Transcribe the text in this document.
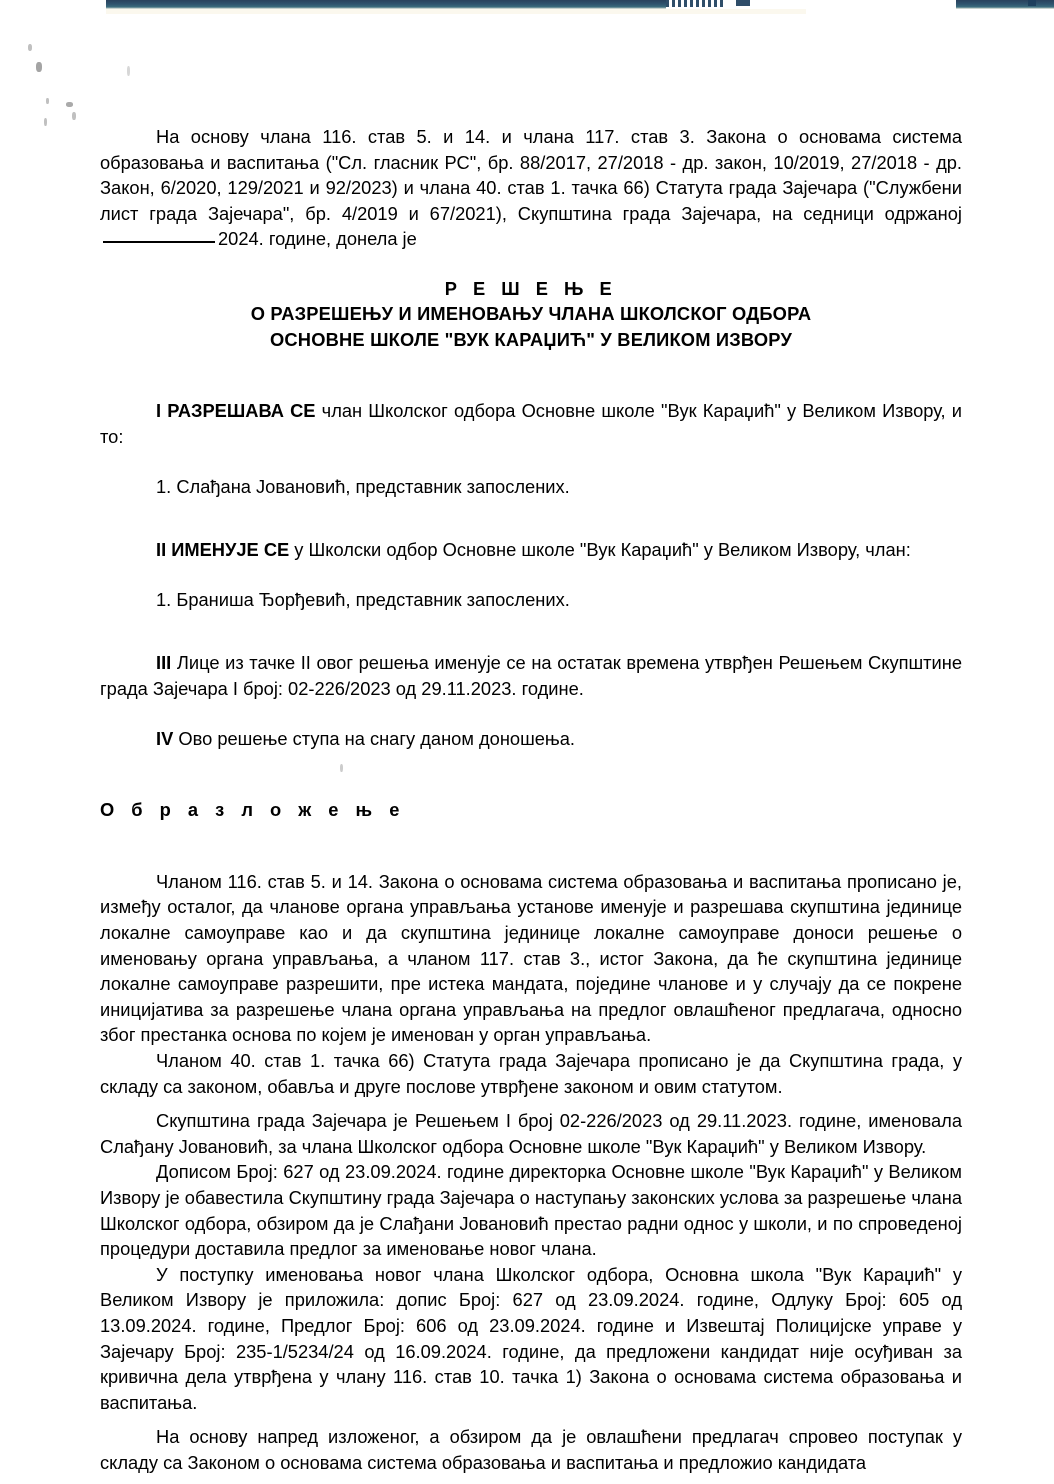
На основу члана 116. став 5. и 14. и члана 117. став 3. Закона о основама система образовања и васпитања ("Сл. гласник РС", бр. 88/2017, 27/2018 - др. закон, 10/2019, 27/2018 - др. Закон, 6/2020, 129/2021 и 92/2023) и члана 40. став 1. тачка 66) Статута града Зајечара ("Службени лист града Зајечара", бр. 4/2019 и 67/2021), Скупштина града Зајечара, на седници одржаној2024. године, донела је

Р Е Ш Е Њ Е
О РАЗРЕШЕЊУ И ИМЕНОВАЊУ ЧЛАНА ШКОЛСКОГ ОДБОРА
ОСНОВНЕ ШКОЛЕ "ВУК КАРАЏИЋ" У ВЕЛИКОМ ИЗВОРУ

I РАЗРЕШАВА СЕ члан Школског одбора Основне школе "Вук Караџић" у Великом Извору, и то:

1. Слађана Јовановић, представник запослених.

II ИМЕНУЈЕ СЕ у Школски одбор Основне школе "Вук Караџић" у Великом Извору, члан:

1. Браниша Ђорђевић, представник запослених.

III Лице из тачке II овог решења именује се на остатак времена утврђен Решењем Скупштине града Зајечара I број: 02-226/2023 од 29.11.2023. године.

IV Ово решење ступа на снагу даном доношења.

О б р а з л о ж е њ е

Чланом 116. став 5. и 14. Закона о основама система образовања и васпитања прописано је, између осталог, да чланове органа управљања установе именује и разрешава скупштина јединице локалне самоуправе као и да скупштина јединице локалне самоуправе доноси решење о именовању органа управљања, а чланом 117. став 3., истог Закона, да ће скупштина јединице локалне самоуправе разрешити, пре истека мандата, поједине чланове и у случају да се покрене иницијатива за разрешење члана органа управљања на предлог овлашћеног предлагача, односно због престанка основа по којем је именован у орган управљања.

Чланом 40. став 1. тачка 66) Статута града Зајечара прописано је да Скупштина града, у складу са законом, обавља и друге послове утврђене законом и овим статутом.

Скупштина града Зајечара је Решењем I број 02-226/2023 од 29.11.2023. године, именовала Слађану Јовановић, за члана Школског одбора Основне школе "Вук Караџић" у Великом Извору.

Дописом Број: 627 од 23.09.2024. године директорка Основне школе "Вук Караџић" у Великом Извору је обавестила Скупштину града Зајечара о наступању законских услова за разрешење члана Школског одбора, обзиром да је Слађани Јовановић престао радни однос у школи, и по спроведеној процедури доставила предлог за именовање новог члана.

У поступку именовања новог члана Школског одбора, Основна школа "Вук Караџић" у Великом Извору је приложила: допис Број: 627 од 23.09.2024. године, Одлуку Број: 605 од 13.09.2024. године, Предлог Број: 606 од 23.09.2024. године и Извештај Полицијске управе у Зајечару Број: 235-1/5234/24 од 16.09.2024. године, да предложени кандидат није осуђиван за кривична дела утврђена у члану 116. став 10. тачка 1) Закона о основама система образовања и васпитања.

На основу напред изложеног, а обзиром да је овлашћени предлагач спровео поступак у складу са Законом о основама система образовања и васпитања и предложио кандидата
